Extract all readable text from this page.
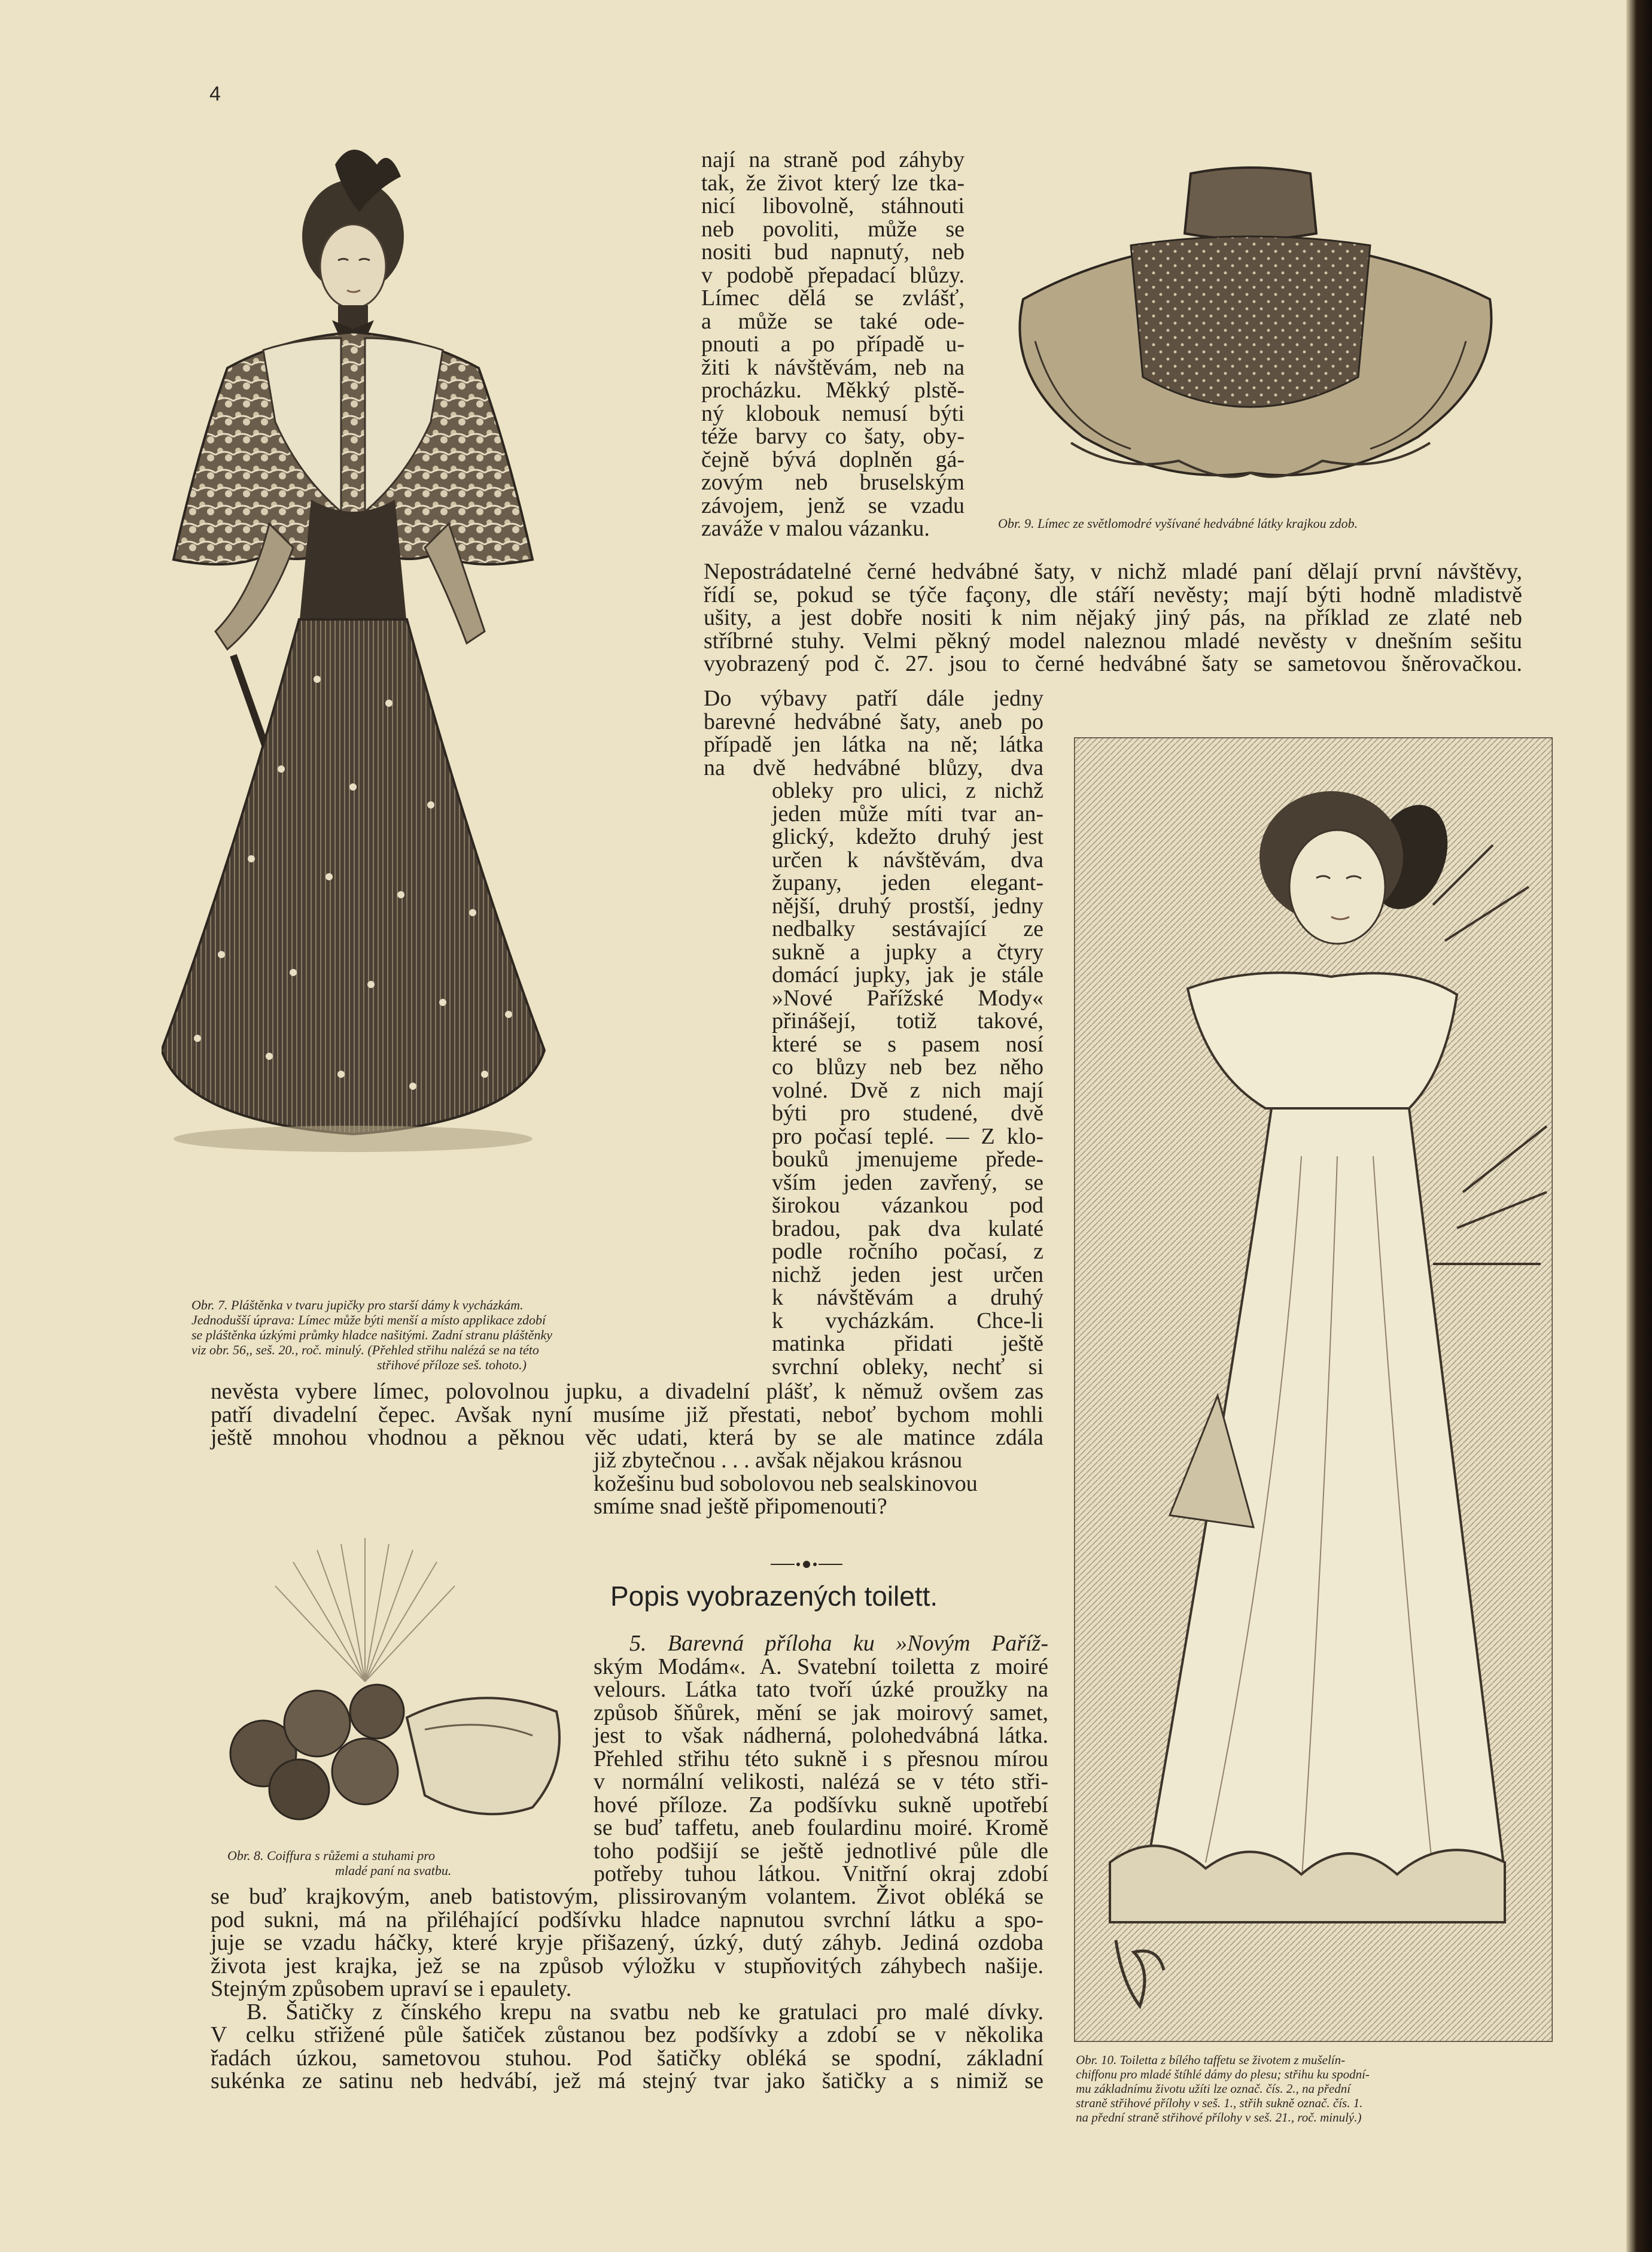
4
Obr. 7. Pláštěnka v tvaru jupičky pro starší dámy k vycházkám.
Jednodušší úprava: Límec může býti menší a místo applikace zdobí
se pláštěnka úzkými průmky hladce našitými. Zadní stranu pláštěnky
viz obr. 56,, seš. 20., roč. minulý. (Přehled střihu nalézá se na této
střihové příloze seš. tohoto.)
Obr. 9. Límec ze světlomodré vyšívané hedvábné látky krajkou zdob.
Obr. 8. Coiffura s růžemi a stuhami pro
mladé paní na svatbu.
Obr. 10. Toiletta z bílého taffetu se životem z mušelín-
chiffonu pro mladé štíhlé dámy do plesu; střihu ku spodní-
mu základnímu životu užíti lze označ. čís. 2., na přední
straně střihové přílohy v seš. 1., střih sukně označ. čís. 1.
na přední straně střihové přílohy v seš. 21., roč. minulý.)
nají na straně pod záhyby
tak, že život který lze tka-
nicí libovolně, stáhnouti
neb povoliti, může se
nositi bud napnutý, neb
v podobě přepadací blůzy.
Límec dělá se zvlášť,
a může se také ode-
pnouti a po případě u-
žiti k návštěvám, neb na
procházku. Měkký plstě-
ný klobouk nemusí býti
téže barvy co šaty, oby-
čejně bývá doplněn gá-
zovým neb bruselským
závojem, jenž se vzadu
zaváže v malou vázanku.
Nepostrádatelné černé hedvábné šaty, v nichž mladé paní dělají první návštěvy,
řídí se, pokud se týče façony, dle stáří nevěsty; mají býti hodně mladistvě
ušity, a jest dobře nositi k nim nějaký jiný pás, na příklad ze zlaté neb
stříbrné stuhy. Velmi pěkný model naleznou mladé nevěsty v dnešním sešitu
vyobrazený pod č. 27. jsou to černé hedvábné šaty se sametovou šněrovačkou.
Do výbavy patří dále jedny
barevné hedvábné šaty, aneb po
případě jen látka na ně; látka
na dvě hedvábné blůzy, dva
obleky pro ulici, z nichž
jeden může míti tvar an-
glický, kdežto druhý jest
určen k návštěvám, dva
župany, jeden elegant-
nější, druhý prostší, jedny
nedbalky sestávající ze
sukně a jupky a čtyry
domácí jupky, jak je stále
»Nové Pařížské Mody«
přinášejí, totiž takové,
které se s pasem nosí
co blůzy neb bez něho
volné. Dvě z nich mají
býti pro studené, dvě
pro počasí teplé. — Z klo-
bouků jmenujeme přede-
vším jeden zavřený, se
širokou vázankou pod
bradou, pak dva kulaté
podle ročního počasí, z
nichž jeden jest určen
k návštěvám a druhý
k vycházkám. Chce-li
matinka přidati ještě
svrchní obleky, nechť si
nevěsta vybere límec, polovolnou jupku, a divadelní plášť, k němuž ovšem zas
patří divadelní čepec. Avšak nyní musíme již přestati, neboť bychom mohli
ještě mnohou vhodnou a pěknou věc udati, která by se ale matince zdála
již zbytečnou . . . avšak nějakou krásnou
kožešinu bud sobolovou neb sealskinovou
smíme snad ještě připomenouti?
Popis vyobrazených toilett.
5. Barevná příloha ku »Novým Paříž-
ským Modám«. A. Svatební toiletta z moiré
velours. Látka tato tvoří úzké proužky na
způsob šňůrek, mění se jak moirový samet,
jest to však nádherná, polohedvábná látka.
Přehled střihu této sukně i s přesnou mírou
v normální velikosti, nalézá se v této stři-
hové příloze. Za podšívku sukně upotřebí
se buď taffetu, aneb foulardinu moiré. Kromě
toho podšijí se ještě jednotlivé půle dle
potřeby tuhou látkou. Vnitřní okraj zdobí
se buď krajkovým, aneb batistovým, plissirovaným volantem. Život obléká se
pod sukni, má na přiléhající podšívku hladce napnutou svrchní látku a spo-
juje se vzadu háčky, které kryje přišazený, úzký, dutý záhyb. Jediná ozdoba
života jest krajka, jež se na způsob výložku v stupňovitých záhybech našije.
Stejným způsobem upraví se i epaulety.
B. Šatičky z čínského krepu na svatbu neb ke gratulaci pro malé dívky.
V celku střižené půle šatiček zůstanou bez podšívky a zdobí se v několika
řadách úzkou, sametovou stuhou. Pod šatičky obléká se spodní, základní
sukénka ze satinu neb hedvábí, jež má stejný tvar jako šatičky a s nimiž se
